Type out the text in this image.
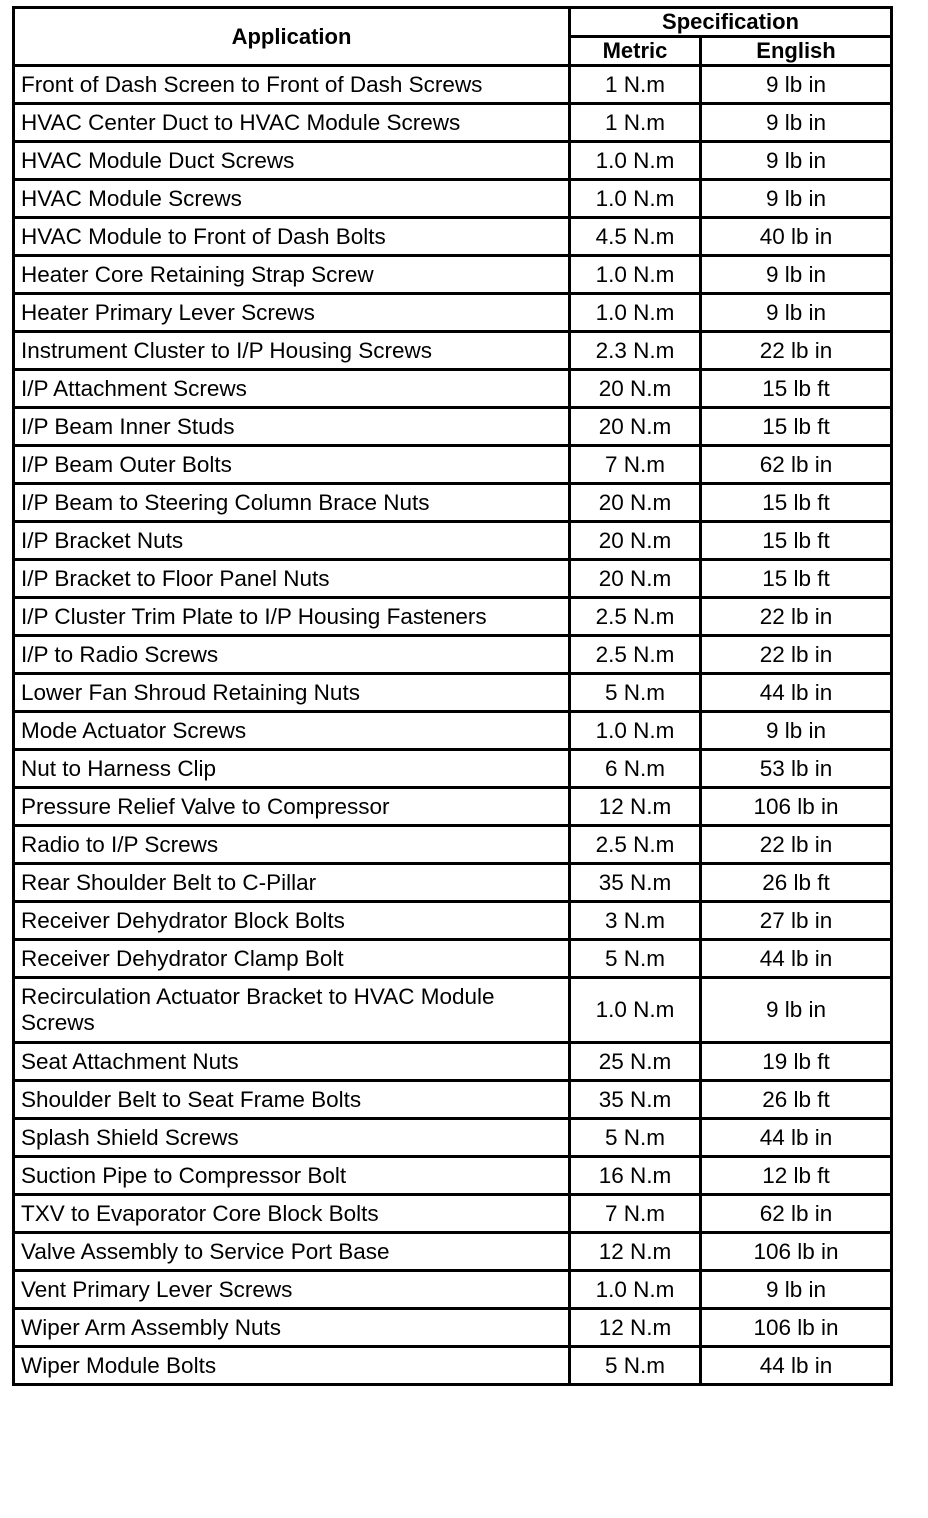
Application	Specification	
	Metric	English
Front of Dash Screen to Front of Dash Screws	1 N.m	9 lb in
HVAC Center Duct to HVAC Module Screws	1 N.m	9 lb in
HVAC Module Duct Screws	1.0 N.m	9 lb in
HVAC Module Screws	1.0 N.m	9 lb in
HVAC Module to Front of Dash Bolts	4.5 N.m	40 lb in
Heater Core Retaining Strap Screw	1.0 N.m	9 lb in
Heater Primary Lever Screws	1.0 N.m	9 lb in
Instrument Cluster to I/P Housing Screws	2.3 N.m	22 lb in
I/P Attachment Screws	20 N.m	15 lb ft
I/P Beam Inner Studs	20 N.m	15 lb ft
I/P Beam Outer Bolts	7 N.m	62 lb in
I/P Beam to Steering Column Brace Nuts	20 N.m	15 lb ft
I/P Bracket Nuts	20 N.m	15 lb ft
I/P Bracket to Floor Panel Nuts	20 N.m	15 lb ft
I/P Cluster Trim Plate to I/P Housing Fasteners	2.5 N.m	22 lb in
I/P to Radio Screws	2.5 N.m	22 lb in
Lower Fan Shroud Retaining Nuts	5 N.m	44 lb in
Mode Actuator Screws	1.0 N.m	9 lb in
Nut to Harness Clip	6 N.m	53 lb in
Pressure Relief Valve to Compressor	12 N.m	106 lb in
Radio to I/P Screws	2.5 N.m	22 lb in
Rear Shoulder Belt to C-Pillar	35 N.m	26 lb ft
Receiver Dehydrator Block Bolts	3 N.m	27 lb in
Receiver Dehydrator Clamp Bolt	5 N.m	44 lb in
Recirculation Actuator Bracket to HVAC Module Screws	1.0 N.m	9 lb in
Seat Attachment Nuts	25 N.m	19 lb ft
Shoulder Belt to Seat Frame Bolts	35 N.m	26 lb ft
Splash Shield Screws	5 N.m	44 lb in
Suction Pipe to Compressor Bolt	16 N.m	12 lb ft
TXV to Evaporator Core Block Bolts	7 N.m	62 lb in
Valve Assembly to Service Port Base	12 N.m	106 lb in
Vent Primary Lever Screws	1.0 N.m	9 lb in
Wiper Arm Assembly Nuts	12 N.m	106 lb in
Wiper Module Bolts	5 N.m	44 lb in
